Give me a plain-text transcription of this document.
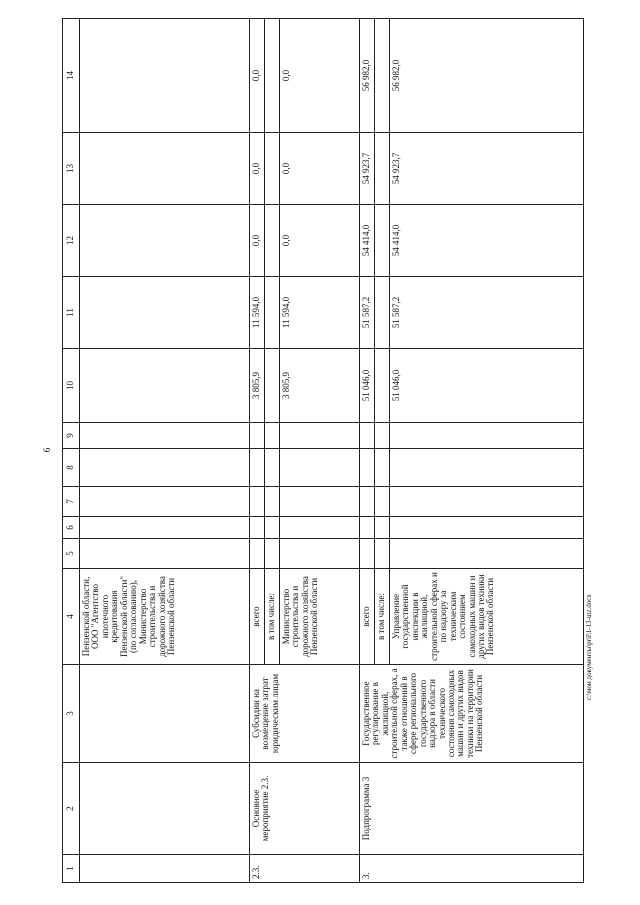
6
1	2	3	4	5	6	7	8	9	10	11	12	13	14
			Пензенской области, ООО "Агентство ипотечного кредитования Пензенской области" (по согласованию), Министерство строительства и дорожного хозяйства Пензенской области										
2.3.	Основное мероприятие 2.3.	Субсидии на возмещение затрат юридическим лицам	всего						3 805,9	11 594,0	0,0	0,0	0,0
			в том числе:										
			Министерство строительства и дорожного хозяйства Пензенской области						3 805,9	11 594,0	0,0	0,0	0,0
3.	Подпрограмма 3	Государственное регулирование в жилищной, строительной сферах, а также отношений в сфере регионального государственного надзора в области технического состояния самоходных машин и других видов техники на территории Пензенской области	всего						51 046,0	51 587,2	54 414,0	54 923,7	56 982,0
			в том числе:										
			Управление государственной инспекции в жилищной, строительной сферах и по надзору за техническим состоянием самоходных машин и других видов техники Пензенской области						51 046,0	51 587,2	54 414,0	54 923,7	56 982,0
c:\мои документы\pril\1-13-utz.docx
